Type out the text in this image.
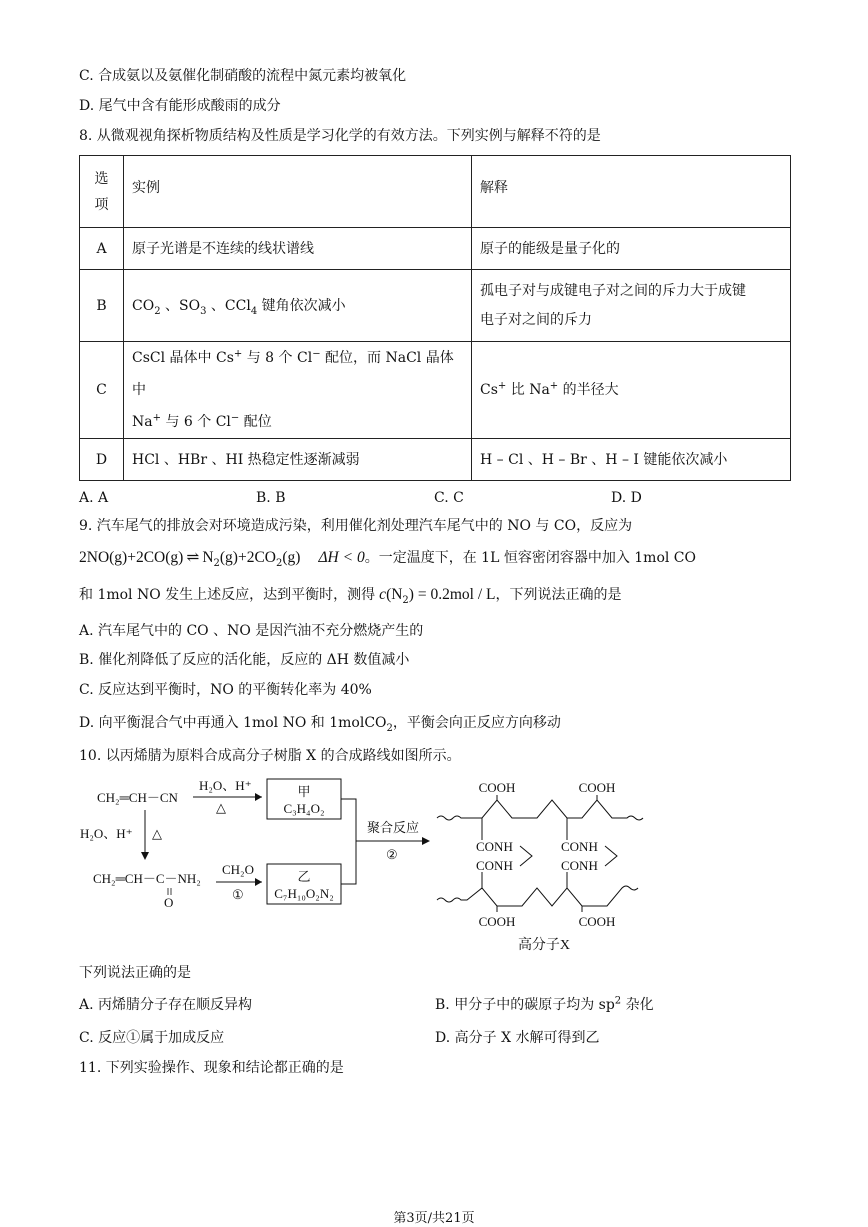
C. 合成氨以及氨催化制硝酸的流程中氮元素均被氧化
D. 尾气中含有能形成酸雨的成分
8. 从微观视角探析物质结构及性质是学习化学的有效方法。下列实例与解释不符的是
选
项	实例	解释
A	原子光谱是不连续的线状谱线	原子的能级是量子化的
B	$CO_2$ 、$SO_3$ 、CCl$_4$ 键角依次减小	孤电子对与成键电子对之间的斥力大于成键
电子对之间的斥力

C	CsCl 晶体中 Cs+ 与 8 个 Cl− 配位，而 NaCl 晶体中
Na+ 与 6 个 Cl− 配位	Cs+ 比 Na+ 的半径大
D	HCl 、HBr 、HI 热稳定性逐渐减弱	H – Cl 、H – Br 、H – I 键能依次减小
A. A	B. B	C. C	D. D
9. 汽车尾气的排放会对环境造成污染，利用催化剂处理汽车尾气中的 NO 与 CO，反应为
2NO(g)+2CO(g) ⇌ $N_2(g)+2CO_2(g) \Delta H < 0$。一定温度下，在 1L 恒容密闭容器中加入 1mol CO
和 1mol NO 发生上述反应，达到平衡时，测得 $c(N_2) = 0.2mol / L$，下列说法正确的是
A. 汽车尾气中的 CO 、NO 是因汽油不充分燃烧产生的
B. 催化剂降低了反应的活化能，反应的 ΔH 数值减小
C. 反应达到平衡时，NO 的平衡转化率为 40%
D. 向平衡混合气中再通入 1mol NO 和 1molCO$_2$，平衡会向正反应方向移动
10. 以丙烯腈为原料合成高分子树脂 X 的合成路线如图所示。
CH₂═CH－CN
H₂O、H⁺
△
甲
C₃H₄O₂
H₂O、H⁺ △
CH₂═CH－C－NH₂
O
CH₂O
①
乙
C₇H₁₀O₂N₂
聚合反应
②
COOH	COOH
CONH	CONH
CONH	CONH
COOH	COOH
高分子X
下列说法正确的是
A. 丙烯腈分子存在顺反异构	B. 甲分子中的碳原子均为 $sp^2$ 杂化
C. 反应①属于加成反应	D. 高分子 X 水解可得到乙
11. 下列实验操作、现象和结论都正确的是
第3页/共21页
